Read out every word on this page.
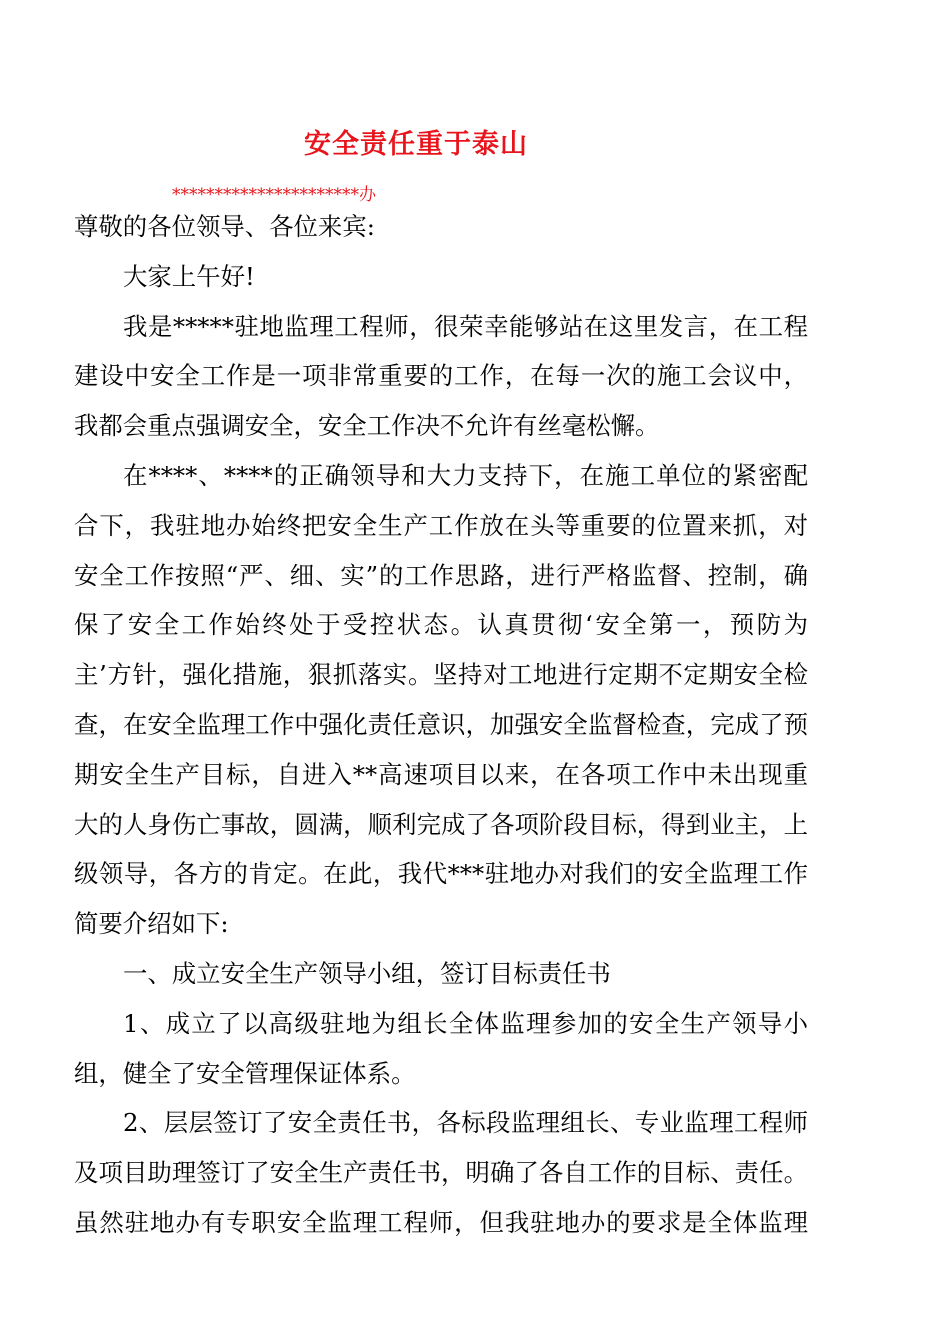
安全责任重于泰山
**********************办
尊敬的各位领导、各位来宾:
大家上午好!
我是*****驻地监理工程师，很荣幸能够站在这里发言，在工程
建设中安全工作是一项非常重要的工作，在每一次的施工会议中，
我都会重点强调安全，安全工作决不允许有丝毫松懈。
在****、****的正确领导和大力支持下，在施工单位的紧密配
合下，我驻地办始终把安全生产工作放在头等重要的位置来抓，对
安全工作按照“严、细、实”的工作思路，进行严格监督、控制，确
保了安全工作始终处于受控状态。认真贯彻‘安全第一，预防为
主’方针，强化措施，狠抓落实。坚持对工地进行定期不定期安全检
查，在安全监理工作中强化责任意识，加强安全监督检查，完成了预
期安全生产目标，自进入**高速项目以来，在各项工作中未出现重
大的人身伤亡事故，圆满，顺利完成了各项阶段目标，得到业主，上
级领导，各方的肯定。在此，我代***驻地办对我们的安全监理工作
简要介绍如下:
一、成立安全生产领导小组，签订目标责任书
1、成立了以高级驻地为组长全体监理参加的安全生产领导小
组，健全了安全管理保证体系。
2、层层签订了安全责任书，各标段监理组长、专业监理工程师
及项目助理签订了安全生产责任书，明确了各自工作的目标、责任。
虽然驻地办有专职安全监理工程师，但我驻地办的要求是全体监理
